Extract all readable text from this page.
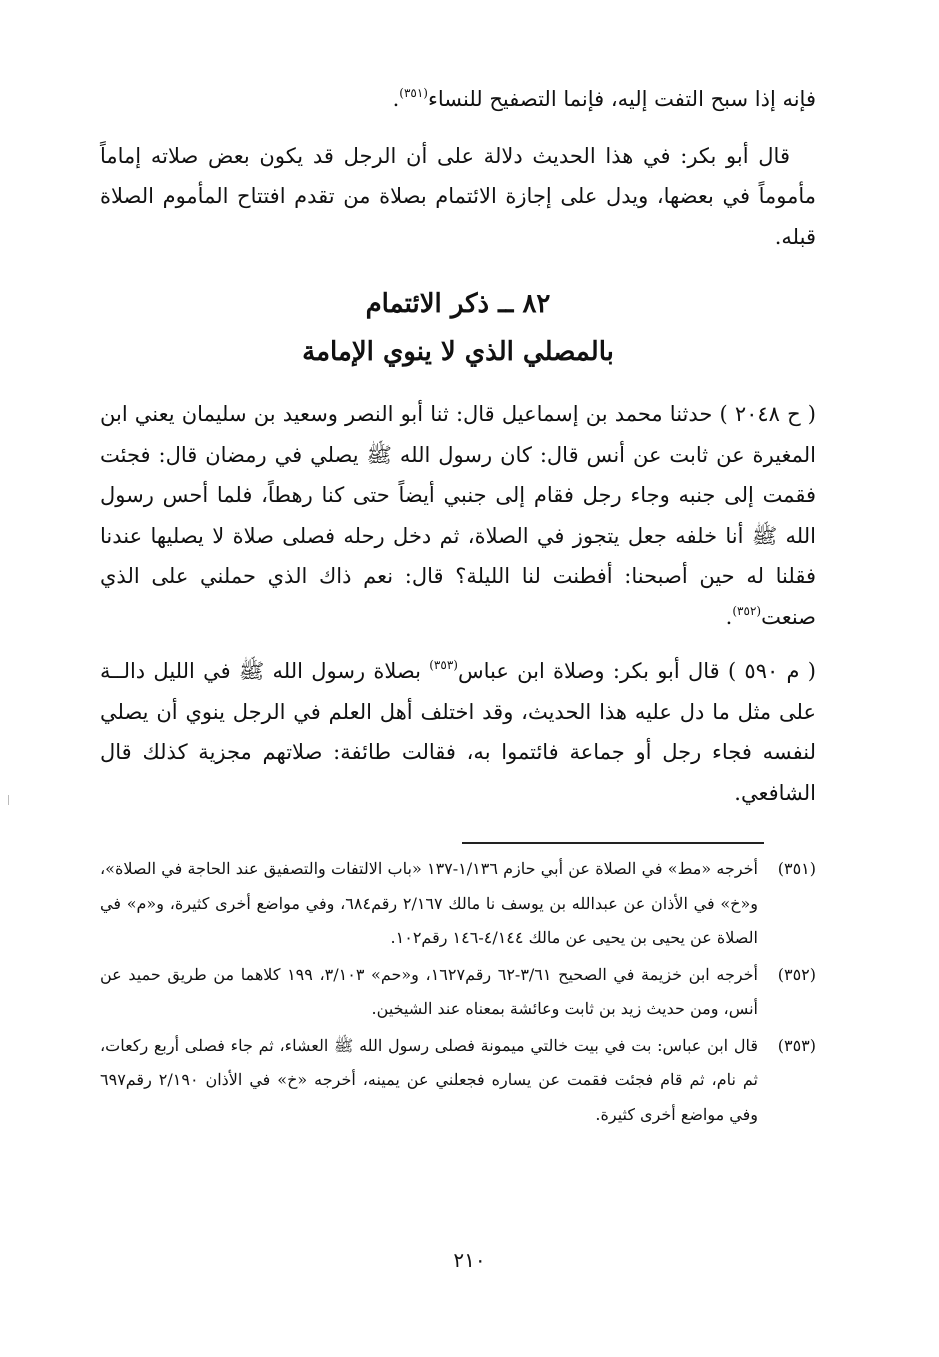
فإنه إذا سبح التفت إليه، فإنما التصفيح للنساء$^{(٣٥١)}$.

قال أبو بكر: في هذا الحديث دلالة على أن الرجل قد يكون بعض صلاته إماماً مأموماً في بعضها، ويدل على إجازة الائتمام بصلاة من تقدم افتتاح المأموم الصلاة قبله.

٨٢ ــ ذكر الائتمام
بالمصلي الذي لا ينوي الإمامة

( ح ٢٠٤٨ ) حدثنا محمد بن إسماعيل قال: ثنا أبو النصر وسعيد بن سليمان يعني ابن المغيرة عن ثابت عن أنس قال: كان رسول الله ﷺ يصلي في رمضان قال: فجئت فقمت إلى جنبه وجاء رجل فقام إلى جنبي أيضاً حتى كنا رهطاً، فلما أحس رسول الله ﷺ أنا خلفه جعل يتجوز في الصلاة، ثم دخل رحله فصلى صلاة لا يصليها عندنا فقلنا له حين أصبحنا: أفطنت لنا الليلة؟ قال: نعم ذاك الذي حملني على الذي صنعت$^{(٣٥٢)}$.

( م ٥٩٠ ) قال أبو بكر: وصلاة ابن عباس$^{(٣٥٣)}$ بصلاة رسول الله ﷺ في الليل دالــة على مثل ما دل عليه هذا الحديث، وقد اختلف أهل العلم في الرجل ينوي أن يصلي لنفسه فجاء رجل أو جماعة فائتموا به، فقالت طائفة: صلاتهم مجزية كذلك قال الشافعي.

(٣٥١)
أخرجه «مط» في الصلاة عن أبي حازم ١/١٣٦-١٣٧ «باب الالتفات والتصفيق عند الحاجة في الصلاة»، و«خ» في الأذان عن عبدالله بن يوسف نا مالك ٢/١٦٧ رقم٦٨٤، وفي مواضع أخرى كثيرة، و«م» في الصلاة عن يحيى بن يحيى عن مالك ٤/١٤٤-١٤٦ رقم١٠٢.

(٣٥٢)
أخرجه ابن خزيمة في الصحيح ٣/٦١-٦٢ رقم١٦٢٧، و«حم» ٣/١٠٣، ١٩٩ كلاهما من طريق حميد عن أنس، ومن حديث زيد بن ثابت وعائشة بمعناه عند الشيخين.

(٣٥٣)
قال ابن عباس: بت في بيت خالتي ميمونة فصلى رسول الله ﷺ العشاء، ثم جاء فصلى أربع ركعات، ثم نام، ثم قام فجئت فقمت عن يساره فجعلني عن يمينه، أخرجه «خ» في الأذان ٢/١٩٠ رقم٦٩٧ وفي مواضع أخرى كثيرة.

٢١٠
